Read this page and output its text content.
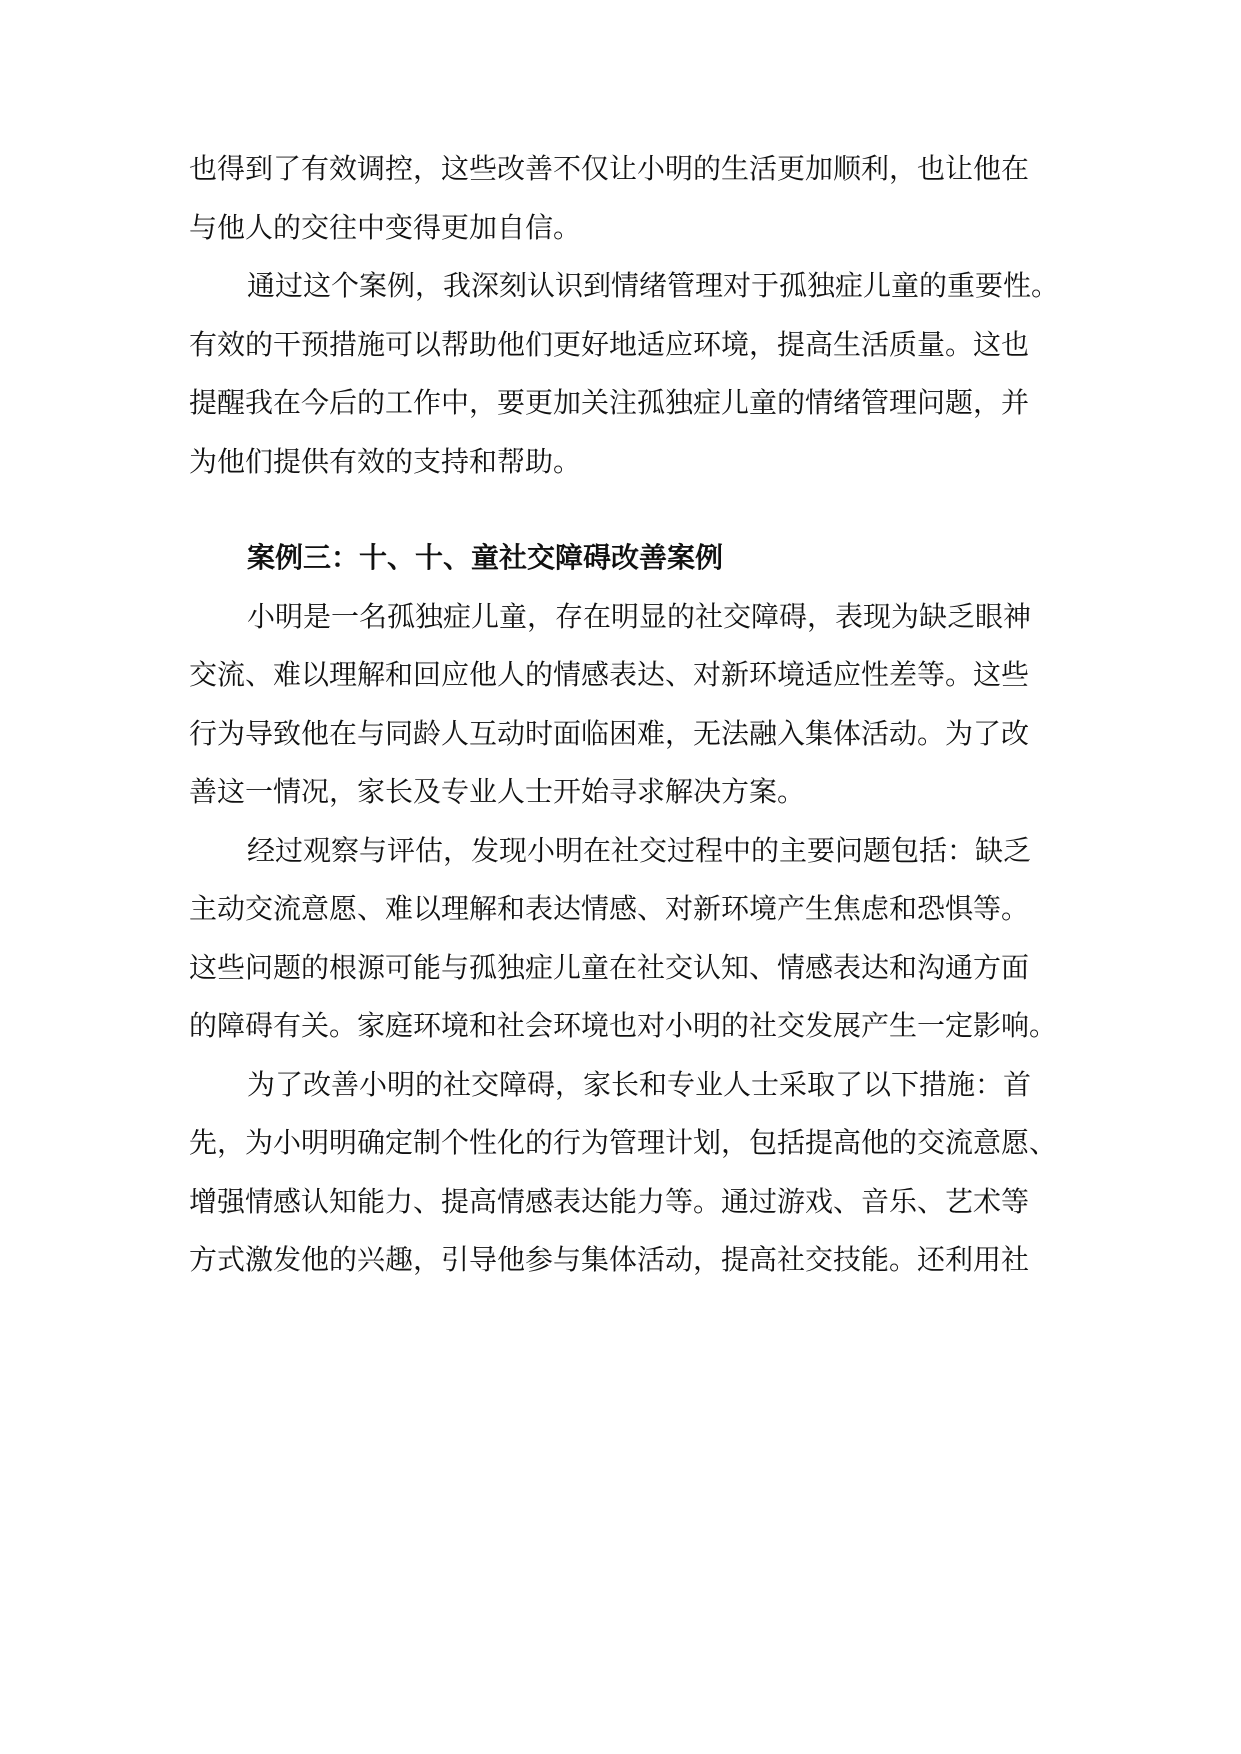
也得到了有效调控，这些改善不仅让小明的生活更加顺利，也让他在
与他人的交往中变得更加自信。
通过这个案例，我深刻认识到情绪管理对于孤独症儿童的重要性。
有效的干预措施可以帮助他们更好地适应环境，提高生活质量。这也
提醒我在今后的工作中，要更加关注孤独症儿童的情绪管理问题，并
为他们提供有效的支持和帮助。
案例三：十、十、童社交障碍改善案例
小明是一名孤独症儿童，存在明显的社交障碍，表现为缺乏眼神
交流、难以理解和回应他人的情感表达、对新环境适应性差等。这些
行为导致他在与同龄人互动时面临困难，无法融入集体活动。为了改
善这一情况，家长及专业人士开始寻求解决方案。
经过观察与评估，发现小明在社交过程中的主要问题包括：缺乏
主动交流意愿、难以理解和表达情感、对新环境产生焦虑和恐惧等。
这些问题的根源可能与孤独症儿童在社交认知、情感表达和沟通方面
的障碍有关。家庭环境和社会环境也对小明的社交发展产生一定影响。
为了改善小明的社交障碍，家长和专业人士采取了以下措施：首
先，为小明明确定制个性化的行为管理计划，包括提高他的交流意愿、
增强情感认知能力、提高情感表达能力等。通过游戏、音乐、艺术等
方式激发他的兴趣，引导他参与集体活动，提高社交技能。还利用社
